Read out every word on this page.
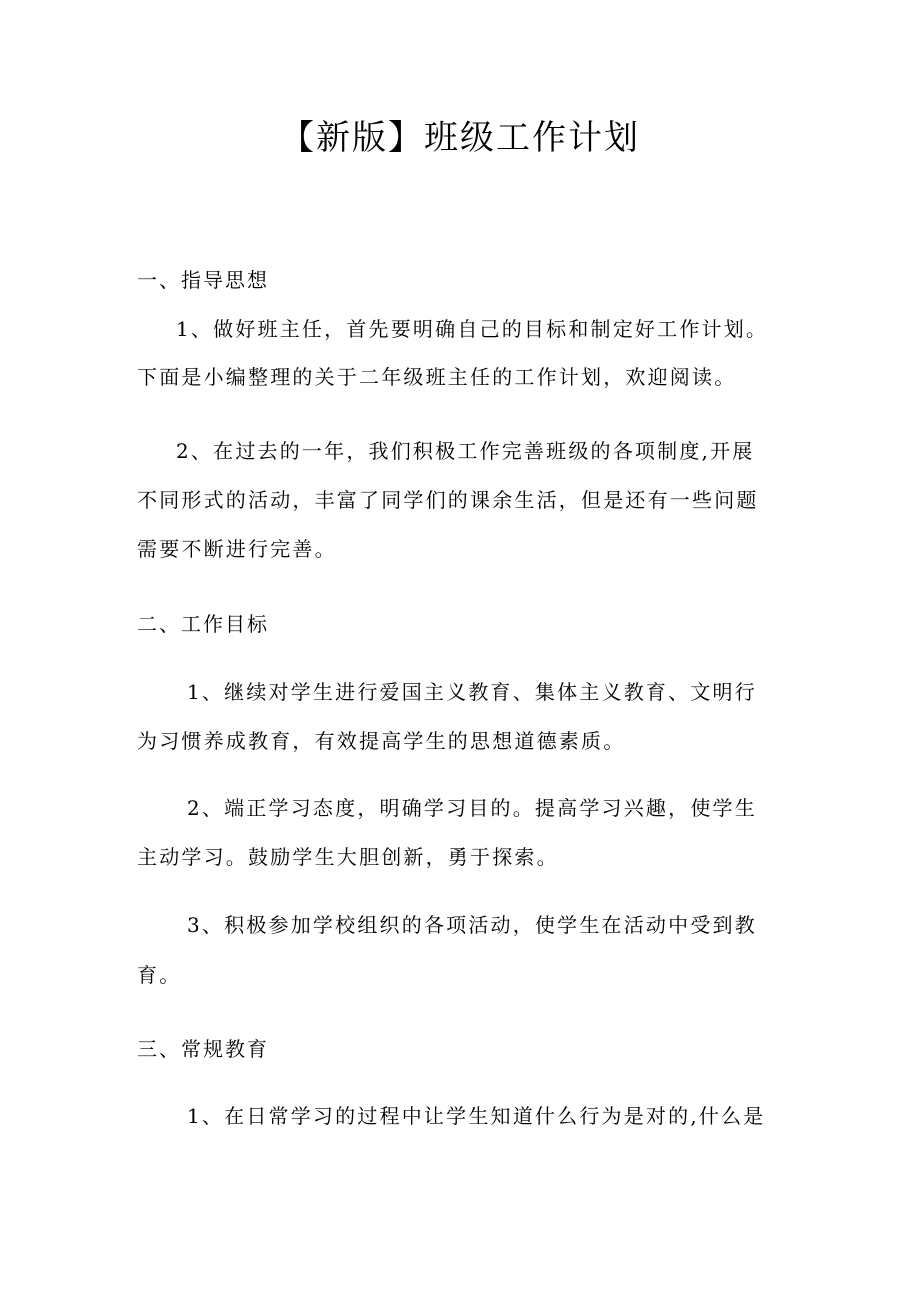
【新版】班级工作计划
一、指导思想
1、做好班主任，首先要明确自己的目标和制定好工作计划。
下面是小编整理的关于二年级班主任的工作计划，欢迎阅读。
2、在过去的一年，我们积极工作完善班级的各项制度,开展
不同形式的活动，丰富了同学们的课余生活，但是还有一些问题
需要不断进行完善。
二、工作目标
1、继续对学生进行爱国主义教育、集体主义教育、文明行
为习惯养成教育，有效提高学生的思想道德素质。
2、端正学习态度，明确学习目的。提高学习兴趣，使学生
主动学习。鼓励学生大胆创新，勇于探索。
3、积极参加学校组织的各项活动，使学生在活动中受到教
育。
三、常规教育
1、在日常学习的过程中让学生知道什么行为是对的,什么是
